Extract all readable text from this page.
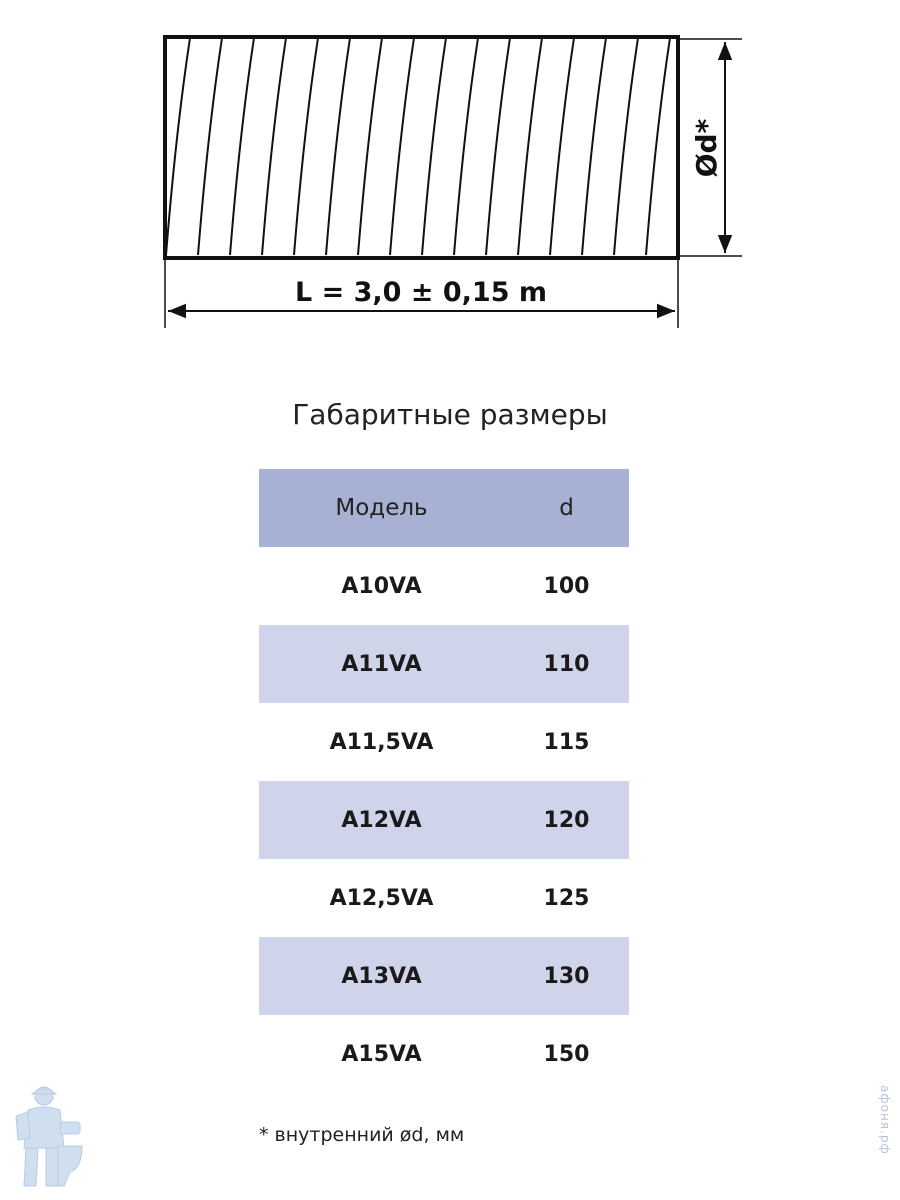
Ød*
L = 3,0 ± 0,15 m
Габаритные размеры
Модель	d
A10VA	100
A11VA	110
A11,5VA	115
A12VA	120
A12,5VA	125
A13VA	130
A15VA	150
* внутренний ød, мм	афоня.рф
